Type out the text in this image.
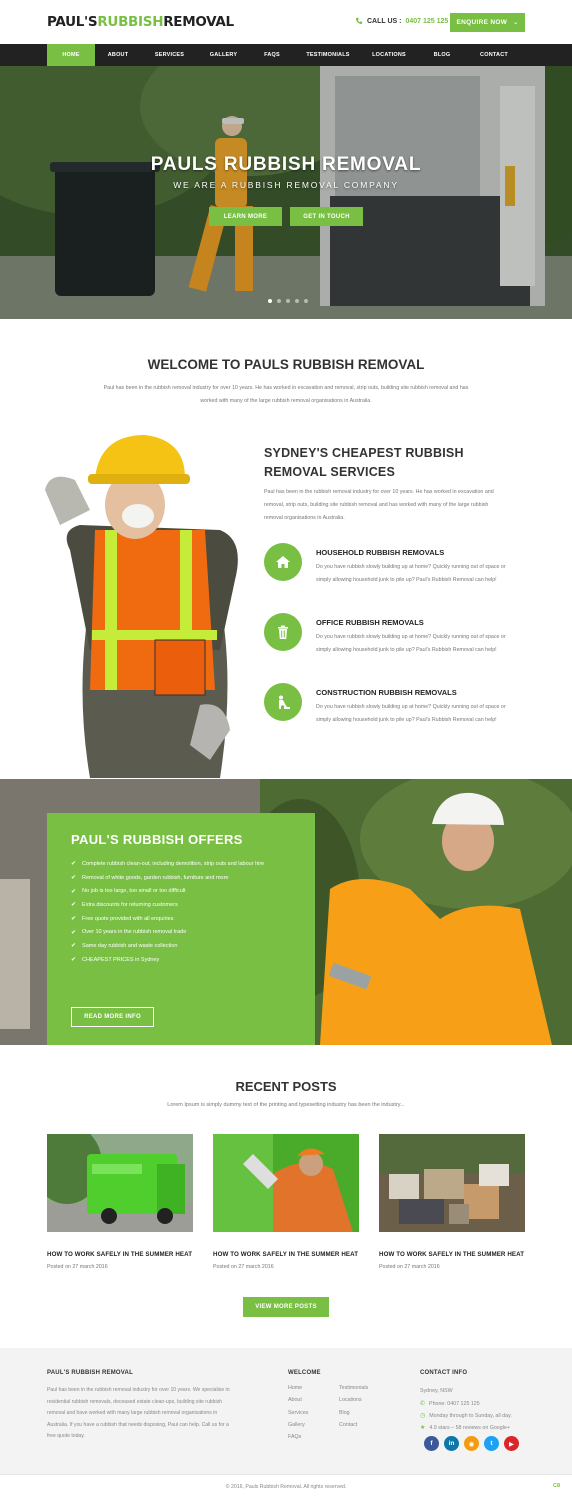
PAUL'SRUBBISHREMOVAL	CALL US : 0407 125 125 ENQUIRE NOW ⌄
HOME	ABOUT	SERVICES	GALLERY	FAQS	TESTIMONIALS	LOCATIONS	BLOG	CONTACT
PAULS RUBBISH REMOVAL
WE ARE A RUBBISH REMOVAL COMPANY
LEARN MORE	GET IN TOUCH
WELCOME TO PAULS RUBBISH REMOVAL
Paul has been in the rubbish removal industry for over 10 years. He has worked in excavation and removal, strip outs, building site rubbish removal and has worked with many of the large rubbish removal organisations in Australia.
SYDNEY'S CHEAPEST RUBBISH
REMOVAL SERVICES
Paul has been in the rubbish removal industry for over 10 years. He has worked in excavation and removal, strip outs, building site rubbish removal and has worked with many of the large rubbish removal organisations in Australia.
HOUSEHOLD RUBBISH REMOVALS
Do you have rubbish slowly building up at home? Quickly running out of space or simply allowing household junk to pile up? Paul's Rubbish Removal can help!
OFFICE RUBBISH REMOVALS
Do you have rubbish slowly building up at home? Quickly running out of space or simply allowing household junk to pile up? Paul's Rubbish Removal can help!
CONSTRUCTION RUBBISH REMOVALS
Do you have rubbish slowly building up at home? Quickly running out of space or simply allowing household junk to pile up? Paul's Rubbish Removal can help!
PAUL'S RUBBISH OFFERS
✔ Complete rubbish clean-out, including demolition, strip outs and labour hire
✔ Removal of white goods, garden rubbish, furniture and more
✔ No job is too large, too small or too difficult
✔ Extra discounts for returning customers
✔ Free quote provided with all enquiries
✔ Over 10 years in the rubbish removal trade
✔ Same day rubbish and waste collection
✔ CHEAPEST PRICES in Sydney
READ MORE INFO
RECENT POSTS
Lorem Ipsum is simply dummy text of the printing and typesetting industry has been the industry...
HOW TO WORK SAFELY IN THE SUMMER HEAT
Posted on 27 march 2016
HOW TO WORK SAFELY IN THE SUMMER HEAT
Posted on 27 march 2016
HOW TO WORK SAFELY IN THE SUMMER HEAT
Posted on 27 march 2016
VIEW MORE POSTS
PAUL'S RUBBISH REMOVAL
Paul has been in the rubbish removal industry for over 10 years. We specialise in residential rubbish removals, deceased estate clean-ups, building site rubbish removal and have worked with many large rubbish removal organisations in Australia. If you have a rubbish that needs disposing, Paul can help. Call us for a free quote today.
WELCOME	CONTACT INFO
Sydney, NSW
✆ Phone: 0407 125 125
◷ Monday through to Sunday, all day.
★ 4.9 stars – 58 reviews on Google+
Home
About
Services
Gallery
FAQs
Testimonials
Locations
Blog
Contact
f	in	◉	t	▶
© 2016, Pauls Rubbish Removal. All rights reserved.	C8
